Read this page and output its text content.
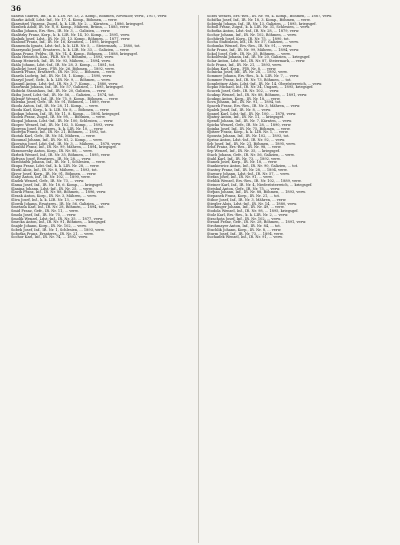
36
Skarda Gabriel, Inf., k. k. L.IR. Nr. 13, 2. Komp., Böhmen, Neveklov, verw., 1917, verw.
Skarke Adolf, Ldst.-Inf., Nr. 17, 4. Komp., Böhmen, ... verw.
Skarnitzel Vinzenz, Zugsf., k. k. LIR. Nr. 2, ... Kärnten, ... 1886, kriegsgef.
Skrabek Adolf, IR. Nr. 8, 8. Komp., Mähren, Brünn, ... 1885, verw.
Skalka Johann, Ers.-Res., IR. Nr. 3, ... Galizien, ... verw.
Skalitzky Franz, Korp., k. k. LIR. Nr. 14, 10. Komp., ... 1891, verw.
Skalnik Josef, Ldst., IR. Nr. 35, 13. Komp., Böhmen, ... 1877, verw.
Skaloud Franz, Inf., IR. Nr. 16, Kroatien, ... 1895, kriegsgef.
Skamenda Ignatz, Ldst.-Inf., k. k. LIR. Nr. 5, ... Steiermark, ... 1880, tot.
Skarzynski Josef, Ersatzres., k. k. LIR. Nr. 33, ... Galizien, ... verw.
Skasa Franz, Feldw., IR. Nr. 74, 4. Komp., Böhmen, ... 1888, kriegsgef.
Skala Heinrich, Kan., FKR. Nr. 9, Böhmen, ... 1893, verw.
Skaup Heinrich, Inf., IR. Nr. 93, Mähren, ... 1894, verw.
Skála Johann, Ldst.-Inf., IR. Nr. 28, 3. Komp., ... 1881, tot.
Skalický Josef, Korp., FJB. Nr. 26, Böhmen, ... 1892, verw.
Skarek Franz, Ersatzres., IR. Nr. 102, ... Böhmen, ... verw.
Skarda Ludwig, Inf., IR. Nr. 18, 1. Komp., ... 1890, verw.
Skaryd Josef, Gefr., k. k. LIR. Nr. 9, ... Böhmen, ... verw.
Skaupil Anton, Ldst.-Inf., IR. Nr. 3, 7. Komp., ... 1880, verw.
Skawinski Johann, Inf., IR. Nr. 57, Galizien, ... 1895, kriegsgef.
Skibicki Stanislaus, Inf., IR. Nr. 20, Galizien, ... verw.
Skiba Josef, Ldst.-Inf., IR. Nr. 56, ... Galizien, ... 1874, tot.
Sklenář Wenzel, Inf., IR. Nr. 75, 9. Komp., Böhmen, ... verw.
Sklenka Josef, Gefr., IR. Nr. 91, Böhmen, ... 1889, verw.
Skoda Anton, Inf., IR. Nr. 28, 11. Komp., ... verw.
Skoda Karl, Korp., k. k. LIR. Nr. 8, ... Böhmen, ... verw.
Skokan Johann, Inf., IR. Nr. 11, 8. Komp., ... 1894, kriegsgef.
Skolek Franz, Zugsf., IR. Nr. 98, ... Böhmen, ... verw.
Skopal Johann, Ldst.-Inf., IR. Nr. 100, Schlesien, ... verw.
Skopec Wenzel, Inf., IR. Nr. 102, 5. Komp., ... 1893, verw.
Skorepa Josef, Ersatzres., k. k. LIR. Nr. 10, ... verw.
Skořepa Franz, Inf., IR. Nr. 21, Böhmen, ... 1892, tot.
Skotak Karl, Gefr., IR. Nr. 54, Mähren, ... verw.
Skoumal Johann, Inf., IR. Nr. 81, 2. Komp., ... verw.
Skovajsa Josef, Ldst.-Inf., IR. Nr. 3, ... Mähren, ... 1878, verw.
Skrabal Franz, Inf., IR. Nr. 99, Mähren, ... 1894, kriegsgef.
Skramovsky Anton, Korp., IR. Nr. 88, ... verw.
Skrbek Wenzel, Inf., IR. Nr. 35, Böhmen, ... 1895, verw.
Skřivan Josef, Ersatzres., IR. Nr. 28, ... verw.
Skrobánek Johann, Inf., IR. Nr. 1, Schlesien, ... verw.
Skupa Franz, Ldst.-Inf., k. k. LIR. Nr. 28, ... verw.
Skutil Alois, Inf., IR. Nr. 8, Mähren, ... 1893, tot.
Skvor Josef, Korp., IR. Nr. 91, Böhmen, ... verw.
Slabý Anton, Inf., IR. Nr. 102, ... 1890, verw.
Sladek Wenzel, Gefr., IR. Nr. 73, ... verw.
Slama Josef, Inf., IR. Nr. 18, 6. Komp., ... kriegsgef.
Slanina Johann, Ldst.-Inf., IR. Nr. 25, ... verw.
Slavik Franz, Inf., IR. Nr. 88, Böhmen, ... 1896, verw.
Slezak Anton, Korp., IR. Nr. 3, Mähren, ... verw.
Sliva Josef, Inf., k. k. LIR. Nr. 13, ... verw.
Slowik Johann, Ersatzres., IR. Nr. 56, Galizien, ... verw.
Smetana Karl, Inf., IR. Nr. 28, Böhmen, ... 1894, tot.
Smid Franz, Gefr., IR. Nr. 11, ... verw.
Smola Josef, Inf., IR. Nr. 75, ... verw.
Smolik Wenzel, Ldst.-Inf., IR. Nr. 35, ... 1877, verw.
Smrcka Anton, Inf., IR. Nr. 91, Böhmen, ... kriegsgef.
Snajdr Johann, Korp., IR. Nr. 102, ... verw.
Sobek Josef, Inf., IR. Nr. 1, Schlesien, ... 1893, verw.
Sobotka Franz, Ersatzres., IR. Nr. 21, ... verw.
Sochor Karl, Inf., IR. Nr. 74, ... 1892, verw.
Sobel Wenzel, Ers.-Res., IR. Nr. 98, 4. Komp., Böhmen, ... 1887, verw.
Sobička Josef, Inf., IR. Nr. 18, 3. Komp., Böhmen, ... verw.
Sobieski Johann, Inf., IR. Nr. 13, Galizien, ... 1895, kriegsgef.
Soboll Franz, Zugsf., k. k. LIR. Nr. 31, Schlesien, ... verw.
Sobotka Anton, Ldst.-Inf., IR. Nr. 28, ... 1879, verw.
Sochor Johann, Inf., IR. Nr. 102, Böhmen, ... verw.
Sochůrek Josef, Korp., IR. Nr. 75, ... 1890, tot.
Socha Stanislaus, Inf., IR. Nr. 57, Galizien, ... verw.
Sodomka Wenzel, Ers.-Res., IR. Nr. 91, ... verw.
Sohr Franz, Inf., IR. Nr. 99, Mähren, ... 1894, verw.
Sokol Josef, Gefr., IR. Nr. 35, Böhmen, ... verw.
Sokolowski Johann, Inf., IR. Nr. 20, Galizien, ... kriegsgef.
Solar Anton, Ldst.-Inf., IR. Nr. 87, Steiermark, ... verw.
Solc Franz, Inf., IR. Nr. 21, ... 1893, verw.
Soldan Karl, Korp., FJB. Nr. 8, ... verw.
Solnicka Josef, Inf., IR. Nr. 28, ... 1892, verw.
Sommer Johann, Ers.-Res., k. k. LIR. Nr. 7, ... verw.
Sommer Franz, Inf., IR. Nr. 73, Böhmen, ... tot.
Sonnleitner Alois, Ldst.-Inf., IR. Nr. 14, Oberösterreich, ... verw.
Sopko Michael, Inf., IR. Nr. 34, Ungarn, ... 1895, kriegsgef.
Soucek Josef, Gefr., IR. Nr. 102, ... verw.
Soukup Wenzel, Inf., IR. Nr. 88, Böhmen, ... 1891, verw.
Soukup Anton, Korp., IR. Nr. 18, ... verw.
Sova Johann, Inf., IR. Nr. 91, ... 1894, tot.
Spacek Franz, Ers.-Res., IR. Nr. 3, Mähren, ... verw.
Spalek Josef, Inf., IR. Nr. 8, ... verw.
Spanel Karl, Ldst.-Inf., IR. Nr. 100, ... 1878, verw.
Spatný Anton, Inf., IR. Nr. 11, ... kriegsgef.
Spendl Johann, Inf., IR. Nr. 7, Kärnten, ... verw.
Spicka Wenzel, Gefr., IR. Nr. 28, ... 1890, verw.
Spinka Josef, Inf., IR. Nr. 75, Böhmen, ... verw.
Spitzer Franz, Korp., k. k. LIR. Nr. 1, ... verw.
Spousta Johann, Inf., IR. Nr. 102, ... 1893, tot.
Sprinz Anton, Ldst.-Inf., IR. Nr. 92, ... verw.
Srb Josef, Inf., IR. Nr. 21, Böhmen, ... 1895, verw.
Srba Franz, Ers.-Res., IR. Nr. 98, ... verw.
Srp Wenzel, Inf., IR. Nr. 35, ... kriegsgef.
Stach Johann, Gefr., IR. Nr. 56, Galizien, ... verw.
Stahl Karl, Inf., IR. Nr. 73, ... 1892, verw.
Stanek Josef, Korp., IR. Nr. 18, ... verw.
Stankiewicz Anton, Inf., IR. Nr. 90, Galizien, ... tot.
Stastny Franz, Inf., IR. Nr. 28, ... 1894, verw.
Stawarz Johann, Ldst.-Inf., IR. Nr. 57, ... verw.
Stefan Josef, Inf., IR. Nr. 91, ... verw.
Stehlik Wenzel, Ers.-Res., IR. Nr. 102, ... 1889, verw.
Steiner Karl, Inf., IR. Nr. 4, Niederösterreich, ... kriegsgef.
Stejskal Anton, Gefr., IR. Nr. 75, ... verw.
Stepan Johann, Inf., IR. Nr. 88, Böhmen, ... 1893, verw.
Stepanek Franz, Korp., IR. Nr. 21, ... tot.
Stibor Josef, Inf., IR. Nr. 3, Mähren, ... verw.
Stiegler Alois, Ldst.-Inf., IR. Nr. 14, ... 1880, verw.
Stockinger Johann, Inf., IR. Nr. 49, ... verw.
Stodola Wenzel, Inf., IR. Nr. 98, ... 1895, kriegsgef.
Stolz Karl, Ers.-Res., k. k. LIR. Nr. 2, ... verw.
Strachota Josef, Inf., IR. Nr. 102, ... verw.
Strnad Franz, Gefr., IR. Nr. 28, Böhmen, ... 1891, verw.
Strohmayer Anton, Inf., IR. Nr. 84, ... tot.
Stuchlik Johann, Korp., IR. Nr. 8, ... verw.
Sturm Josef, Inf., IR. Nr. 73, ... 1894, verw.
Suchanek Wenzel, Inf., IR. Nr. 91, ... verw.
